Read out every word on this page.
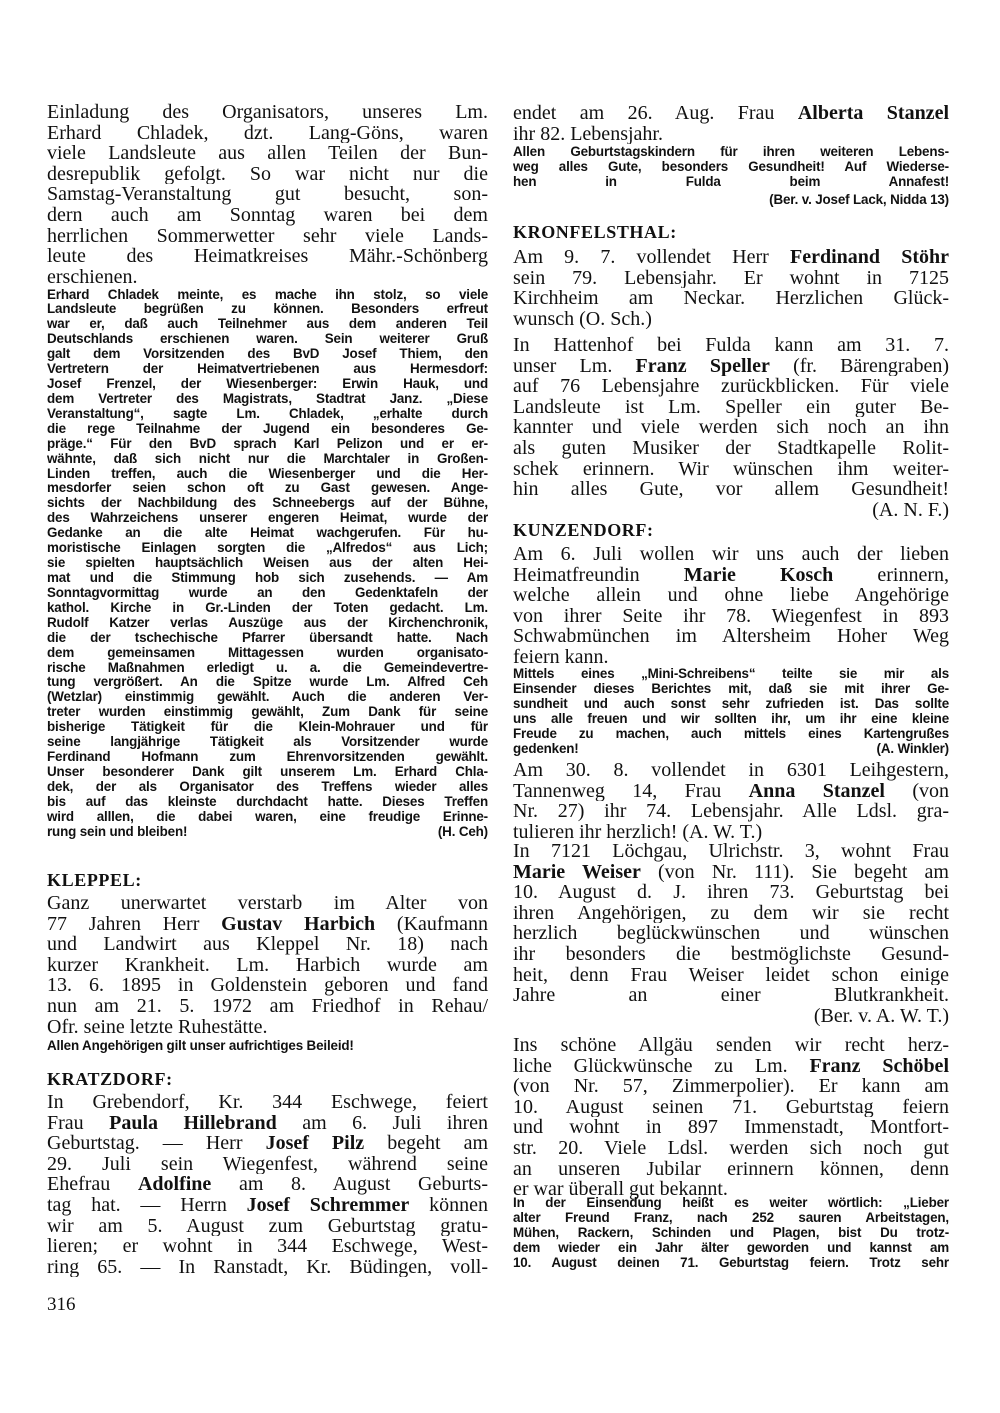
Einladung des Organisators, unseres Lm.
Erhard Chladek, dzt. Lang-Göns, waren
viele Landsleute aus allen Teilen der Bun-
desrepublik gefolgt. So war nicht nur die
Samstag-Veranstaltung gut besucht, son-
dern auch am Sonntag waren bei dem
herrlichen Sommerwetter sehr viele Lands-
leute des Heimatkreises Mähr.-Schönberg
erschienen.
Erhard Chladek meinte, es mache ihn stolz, so viele
Landsleute begrüßen zu können. Besonders erfreut
war er, daß auch Teilnehmer aus dem anderen Teil
Deutschlands erschienen waren. Sein weiterer Gruß
galt dem Vorsitzenden des BvD Josef Thiem, den
Vertretern der Heimatvertriebenen aus Hermesdorf:
Josef Frenzel, der Wiesenberger: Erwin Hauk, und
dem Vertreter des Magistrats, Stadtrat Janz. „Diese
Veranstaltung“, sagte Lm. Chladek, „erhalte durch
die rege Teilnahme der Jugend ein besonderes Ge-
präge.“ Für den BvD sprach Karl Pelizon und er er-
wähnte, daß sich nicht nur die Marchtaler in Großen-
Linden treffen, auch die Wiesenberger und die Her-
mesdorfer seien schon oft zu Gast gewesen. Ange-
sichts der Nachbildung des Schneebergs auf der Bühne,
des Wahrzeichens unserer engeren Heimat, wurde der
Gedanke an die alte Heimat wachgerufen. Für hu-
moristische Einlagen sorgten die „Alfredos“ aus Lich;
sie spielten hauptsächlich Weisen aus der alten Hei-
mat und die Stimmung hob sich zusehends. — Am
Sonntagvormittag wurde an den Gedenktafeln der
kathol. Kirche in Gr.-Linden der Toten gedacht. Lm.
Rudolf Katzer verlas Auszüge aus der Kirchenchronik,
die der tschechische Pfarrer übersandt hatte. Nach
dem gemeinsamen Mittagessen wurden organisato-
rische Maßnahmen erledigt u. a. die Gemeindevertre-
tung vergrößert. An die Spitze wurde Lm. Alfred Ceh
(Wetzlar) einstimmig gewählt. Auch die anderen Ver-
treter wurden einstimmig gewählt, Zum Dank für seine
bisherige Tätigkeit für die Klein-Mohrauer und für
seine langjährige Tätigkeit als Vorsitzender wurde
Ferdinand Hofmann zum Ehrenvorsitzenden gewählt.
Unser besonderer Dank gilt unserem Lm. Erhard Chla-
dek, der als Organisator des Treffens wieder alles
bis auf das kleinste durchdacht hatte. Dieses Treffen
wird alllen, die dabei waren, eine freudige Erinne-
rung sein und bleiben!	(H. Ceh)
KLEPPEL:
Ganz unerwartet verstarb im Alter von
77 Jahren Herr Gustav Harbich (Kaufmann
und Landwirt aus Kleppel Nr. 18) nach
kurzer Krankheit. Lm. Harbich wurde am
13. 6. 1895 in Goldenstein geboren und fand
nun am 21. 5. 1972 am Friedhof in Rehau/
Ofr. seine letzte Ruhestätte.
Allen Angehörigen gilt unser aufrichtiges Beileid!
KRATZDORF:
In Grebendorf, Kr. 344 Eschwege, feiert
Frau Paula Hillebrand am 6. Juli ihren
Geburtstag. — Herr Josef Pilz begeht am
29. Juli sein Wiegenfest, während seine
Ehefrau Adolfine am 8. August Geburts-
tag hat. — Herrn Josef Schremmer können
wir am 5. August zum Geburtstag gratu-
lieren; er wohnt in 344 Eschwege, West-
ring 65. — In Ranstadt, Kr. Büdingen, voll-
endet am 26. Aug. Frau Alberta Stanzel
ihr 82. Lebensjahr.
Allen Geburtstagskindern für ihren weiteren Lebens-
weg alles Gute, besonders Gesundheit! Auf Wiederse-
hen in Fulda beim Annafest!
(Ber. v. Josef Lack, Nidda 13)
KRONFELSTHAL:
Am 9. 7. vollendet Herr Ferdinand Stöhr
sein 79. Lebensjahr. Er wohnt in 7125
Kirchheim am Neckar. Herzlichen Glück-
wunsch (O. Sch.)
In Hattenhof bei Fulda kann am 31. 7.
unser Lm. Franz Speller (fr. Bärengraben)
auf 76 Lebensjahre zurückblicken. Für viele
Landsleute ist Lm. Speller ein guter Be-
kannter und viele werden sich noch an ihn
als guten Musiker der Stadtkapelle Rolit-
schek erinnern. Wir wünschen ihm weiter-
hin alles Gute, vor allem Gesundheit!
(A. N. F.)
KUNZENDORF:
Am 6. Juli wollen wir uns auch der lieben
Heimatfreundin Marie Kosch erinnern,
welche allein und ohne liebe Angehörige
von ihrer Seite ihr 78. Wiegenfest in 893
Schwabmünchen im Altersheim Hoher Weg
feiern kann.
Mittels eines „Mini-Schreibens“ teilte sie mir als
Einsender dieses Berichtes mit, daß sie mit ihrer Ge-
sundheit und auch sonst sehr zufrieden ist. Das sollte
uns alle freuen und wir sollten ihr, um ihr eine kleine
Freude zu machen, auch mittels eines Kartengrußes
gedenken!	(A. Winkler)
Am 30. 8. vollendet in 6301 Leihgestern,
Tannenweg 14, Frau Anna Stanzel (von
Nr. 27) ihr 74. Lebensjahr. Alle Ldsl. gra-
tulieren ihr herzlich! (A. W. T.)
In 7121 Löchgau, Ulrichstr. 3, wohnt Frau
Marie Weiser (von Nr. 111). Sie begeht am
10. August d. J. ihren 73. Geburtstag bei
ihren Angehörigen, zu dem wir sie recht
herzlich beglückwünschen und wünschen
ihr besonders die bestmöglichste Gesund-
heit, denn Frau Weiser leidet schon einige
Jahre an einer Blutkrankheit.
(Ber. v. A. W. T.)
Ins schöne Allgäu senden wir recht herz-
liche Glückwünsche zu Lm. Franz Schöbel
(von Nr. 57, Zimmerpolier). Er kann am
10. August seinen 71. Geburtstag feiern
und wohnt in 897 Immenstadt, Montfort-
str. 20. Viele Ldsl. werden sich noch gut
an unseren Jubilar erinnern können, denn
er war überall gut bekannt.
In der Einsendung heißt es weiter wörtlich: „Lieber
alter Freund Franz, nach 252 sauren Arbeitstagen,
Mühen, Rackern, Schinden und Plagen, bist Du trotz-
dem wieder ein Jahr älter geworden und kannst am
10. August deinen 71. Geburtstag feiern. Trotz sehr
316
